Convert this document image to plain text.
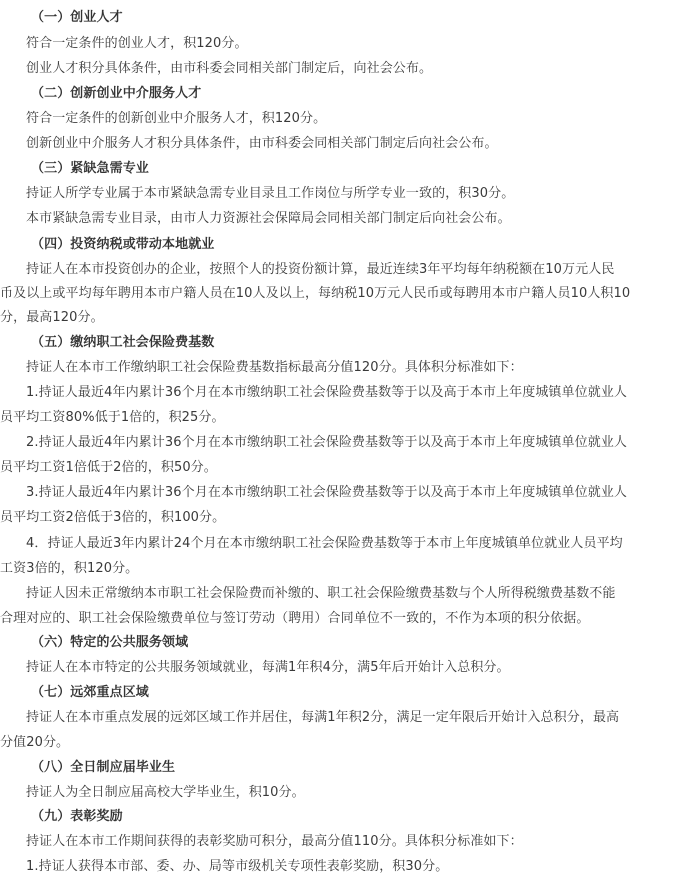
（一）创业人才
符合一定条件的创业人才，积120分。
创业人才积分具体条件，由市科委会同相关部门制定后，向社会公布。
（二）创新创业中介服务人才
符合一定条件的创新创业中介服务人才，积120分。
创新创业中介服务人才积分具体条件，由市科委会同相关部门制定后向社会公布。
（三）紧缺急需专业
持证人所学专业属于本市紧缺急需专业目录且工作岗位与所学专业一致的，积30分。
本市紧缺急需专业目录，由市人力资源社会保障局会同相关部门制定后向社会公布。
（四）投资纳税或带动本地就业
持证人在本市投资创办的企业，按照个人的投资份额计算，最近连续3年平均每年纳税额在10万元人民
币及以上或平均每年聘用本市户籍人员在10人及以上，每纳税10万元人民币或每聘用本市户籍人员10人积10
分，最高120分。
（五）缴纳职工社会保险费基数
持证人在本市工作缴纳职工社会保险费基数指标最高分值120分。具体积分标准如下：
1.持证人最近4年内累计36个月在本市缴纳职工社会保险费基数等于以及高于本市上年度城镇单位就业人
员平均工资80%低于1倍的，积25分。
2.持证人最近4年内累计36个月在本市缴纳职工社会保险费基数等于以及高于本市上年度城镇单位就业人
员平均工资1倍低于2倍的，积50分。
3.持证人最近4年内累计36个月在本市缴纳职工社会保险费基数等于以及高于本市上年度城镇单位就业人
员平均工资2倍低于3倍的，积100分。
4．持证人最近3年内累计24个月在本市缴纳职工社会保险费基数等于本市上年度城镇单位就业人员平均
工资3倍的，积120分。
持证人因未正常缴纳本市职工社会保险费而补缴的、职工社会保险缴费基数与个人所得税缴费基数不能
合理对应的、职工社会保险缴费单位与签订劳动（聘用）合同单位不一致的，不作为本项的积分依据。
（六）特定的公共服务领域
持证人在本市特定的公共服务领域就业，每满1年积4分，满5年后开始计入总积分。
（七）远郊重点区域
持证人在本市重点发展的远郊区域工作并居住，每满1年积2分，满足一定年限后开始计入总积分，最高
分值20分。
（八）全日制应届毕业生
持证人为全日制应届高校大学毕业生，积10分。
（九）表彰奖励
持证人在本市工作期间获得的表彰奖励可积分，最高分值110分。具体积分标准如下：
1.持证人获得本市部、委、办、局等市级机关专项性表彰奖励，积30分。
